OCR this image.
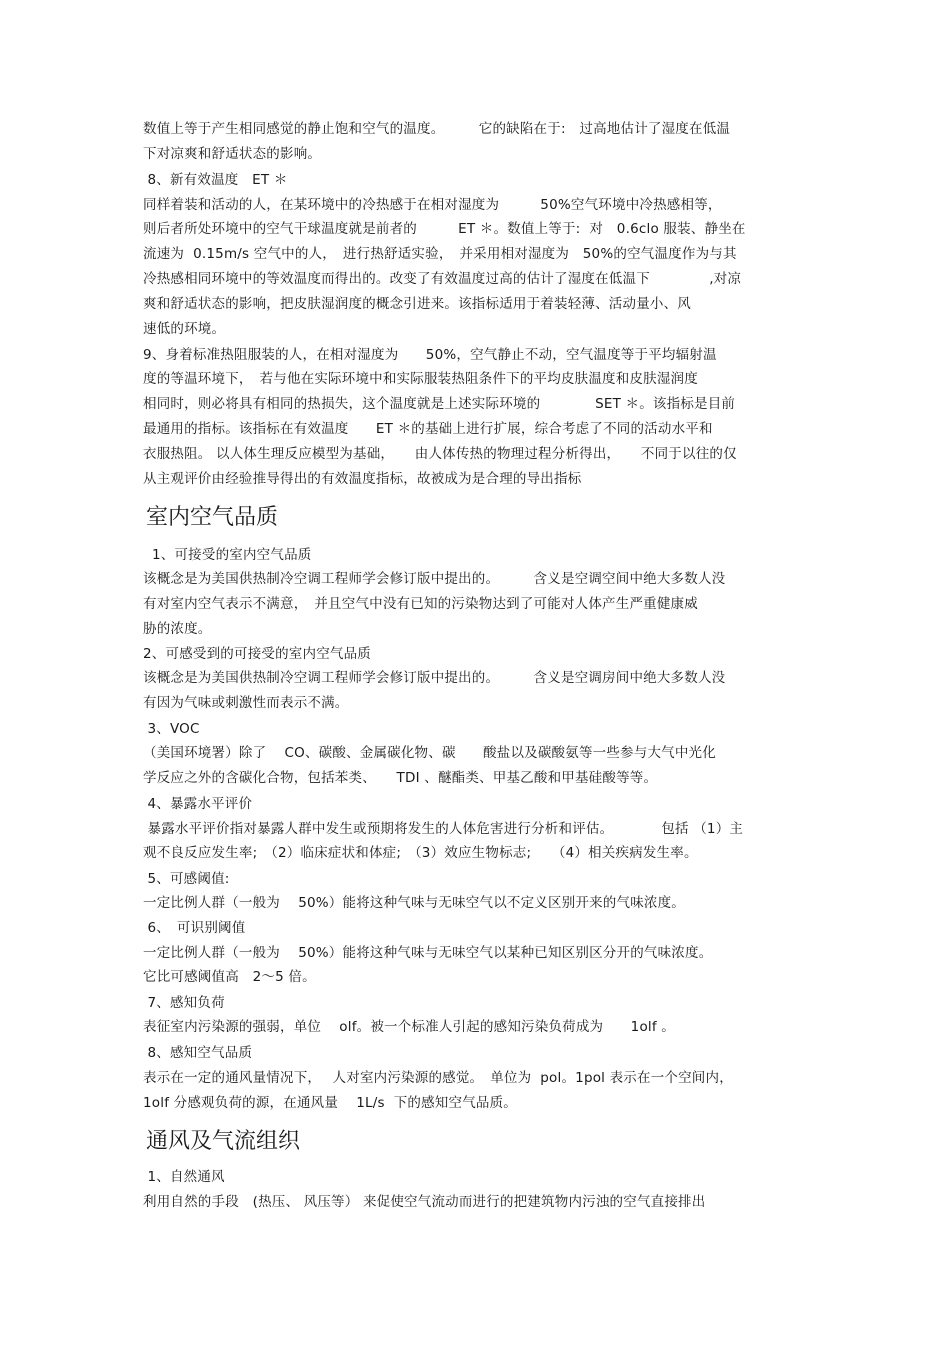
数值上等于产生相同感觉的静止饱和空气的温度。　　　它的缺陷在于:　过高地估计了湿度在低温
下对凉爽和舒适状态的影响。
8、新有效温度　ET ＊
同样着装和活动的人，在某环境中的冷热感于在相对湿度为　　　50%空气环境中冷热感相等，
则后者所处环境中的空气干球温度就是前者的　　　ET ＊。数值上等于:  对　0.6clo 服装、静坐在
流速为  0.15m/s 空气中的人，　进行热舒适实验，　并采用相对湿度为　50%的空气温度作为与其
冷热感相同环境中的等效温度而得出的。改变了有效温度过高的估计了湿度在低温下　　　　 ,对凉
爽和舒适状态的影响，把皮肤湿润度的概念引进来。该指标适用于着装轻薄、活动量小、风
速低的环境。
9、身着标准热阻服装的人，在相对湿度为　　50%，空气静止不动，空气温度等于平均辐射温
度的等温环境下，　若与他在实际环境中和实际服装热阻条件下的平均皮肤温度和皮肤湿润度
相同时，则必将具有相同的热损失，这个温度就是上述实际环境的　　　　SET ＊。该指标是目前
最通用的指标。该指标在有效温度　　ET ＊的基础上进行扩展，综合考虑了不同的活动水平和
衣服热阻。 以人体生理反应模型为基础，　　由人体传热的物理过程分析得出，　　不同于以往的仅
从主观评价由经验推导得出的有效温度指标，故被成为是合理的导出指标
室内空气品质
1、可接受的室内空气品质
该概念是为美国供热制冷空调工程师学会修订版中提出的。　　　含义是空调空间中绝大多数人没
有对室内空气表示不满意，　并且空气中没有已知的污染物达到了可能对人体产生严重健康威
胁的浓度。
2、可感受到的可接受的室内空气品质
该概念是为美国供热制冷空调工程师学会修订版中提出的。　　　含义是空调房间中绝大多数人没
有因为气味或刺激性而表示不满。
3、VOC
（美国环境署）除了　 CO、碳酸、金属碳化物、碳　　酸盐以及碳酸氨等一些参与大气中光化
学反应之外的含碳化合物，包括苯类、　　TDI 、醚酯类、甲基乙酸和甲基硅酸等等。
4、暴露水平评价
暴露水平评价指对暴露人群中发生或预期将发生的人体危害进行分析和评估。　　　　包括 （1）主
观不良反应发生率;　（2）临床症状和体症;　（3）效应生物标志;　　（4）相关疾病发生率。
5、可感阈值:
一定比例人群（一般为　 50%）能将这种气味与无味空气以不定义区别开来的气味浓度。
6、　可识别阈值
一定比例人群（一般为　 50%）能将这种气味与无味空气以某种已知区别区分开的气味浓度。
它比可感阈值高　2～5 倍。
7、感知负荷
表征室内污染源的强弱，单位　 olf。被一个标准人引起的感知污染负荷成为　　1olf 。
8、感知空气品质
表示在一定的通风量情况下，　 人对室内污染源的感觉。　单位为  pol。1pol 表示在一个空间内，
1olf 分感观负荷的源，在通风量　 1L/s  下的感知空气品质。
通风及气流组织
1、自然通风
利用自然的手段　(热压、 风压等） 来促使空气流动而进行的把建筑物内污浊的空气直接排出
